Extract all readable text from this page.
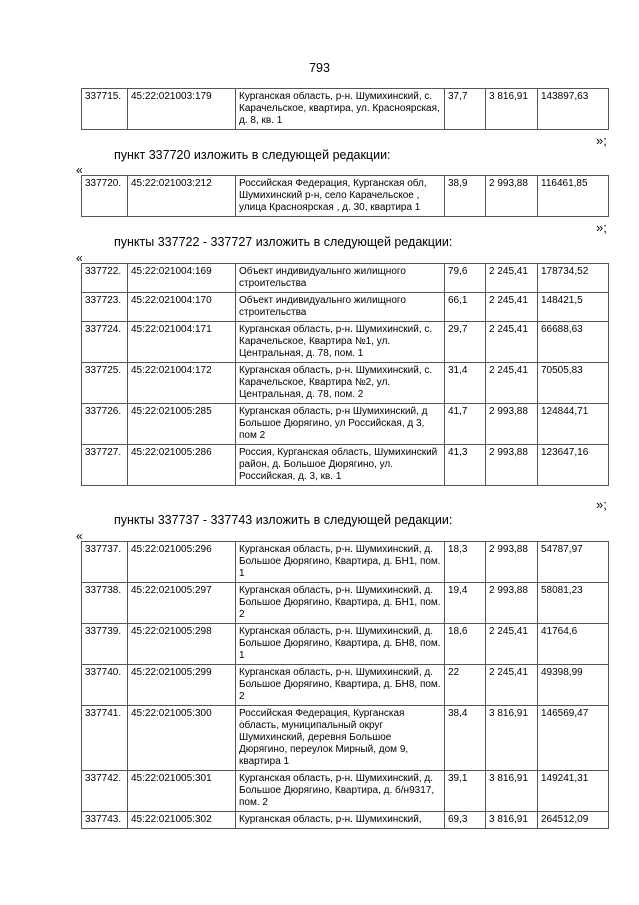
793
337715.	45:22:021003:179	Курганская область, р-н. Шумихинский, с. Карачельское, квартира, ул. Красноярская, д. 8, кв. 1	37,7	3 816,91	143897,63
»;
пункт 337720 изложить в следующей редакции:
«
337720.	45:22:021003:212	Российская Федерация, Курганская обл, Шумихинский р-н, село Карачельское , улица Красноярская , д. 30, квартира 1	38,9	2 993,88	116461,85
»;
пункты 337722 - 337727 изложить в следующей редакции:
«
337722.	45:22:021004:169	Объект индивидуальнго жилищного строительства	79,6	2 245,41	178734,52
337723.	45:22:021004:170	Объект индивидуальнго жилищного строительства	66,1	2 245,41	148421,5
337724.	45:22:021004:171	Курганская область, р-н. Шумихинский, с. Карачельское, Квартира №1, ул. Центральная, д. 78, пом. 1	29,7	2 245,41	66688,63
337725.	45:22:021004:172	Курганская область, р-н. Шумихинский, с. Карачельское, Квартира №2, ул. Центральная, д. 78, пом. 2	31,4	2 245,41	70505,83
337726.	45:22:021005:285	Курганская область, р-н Шумихинский, д Большое Дюрягино, ул Российская, д 3, пом 2	41,7	2 993,88	124844,71
337727.	45:22:021005:286	Россия, Курганская область, Шумихинский район, д. Большое Дюрягино, ул. Российская, д. 3, кв. 1	41,3	2 993,88	123647,16
»;
пункты 337737 - 337743 изложить в следующей редакции:
«
337737.	45:22:021005:296	Курганская область, р-н. Шумихинский, д. Большое Дюрягино, Квартира, д. БН1, пом. 1	18,3	2 993,88	54787,97
337738.	45:22:021005:297	Курганская область, р-н. Шумихинский, д. Большое Дюрягино, Квартира, д. БН1, пом. 2	19,4	2 993,88	58081,23
337739.	45:22:021005:298	Курганская область, р-н. Шумихинский, д. Большое Дюрягино, Квартира, д. БН8, пом. 1	18,6	2 245,41	41764,6
337740.	45:22:021005:299	Курганская область, р-н. Шумихинский, д. Большое Дюрягино, Квартира, д. БН8, пом. 2	22	2 245,41	49398,99
337741.	45:22:021005:300	Российская Федерация, Курганская область, муниципальный округ Шумихинский, деревня Большое Дюрягино, переулок Мирный, дом 9, квартира 1	38,4	3 816,91	146569,47
337742.	45:22:021005:301	Курганская область, р-н. Шумихинский, д. Большое Дюрягино, Квартира, д. б/н9317, пом. 2	39,1	3 816,91	149241,31
337743.	45:22:021005:302	Курганская область, р-н. Шумихинский,	69,3	3 816,91	264512,09
